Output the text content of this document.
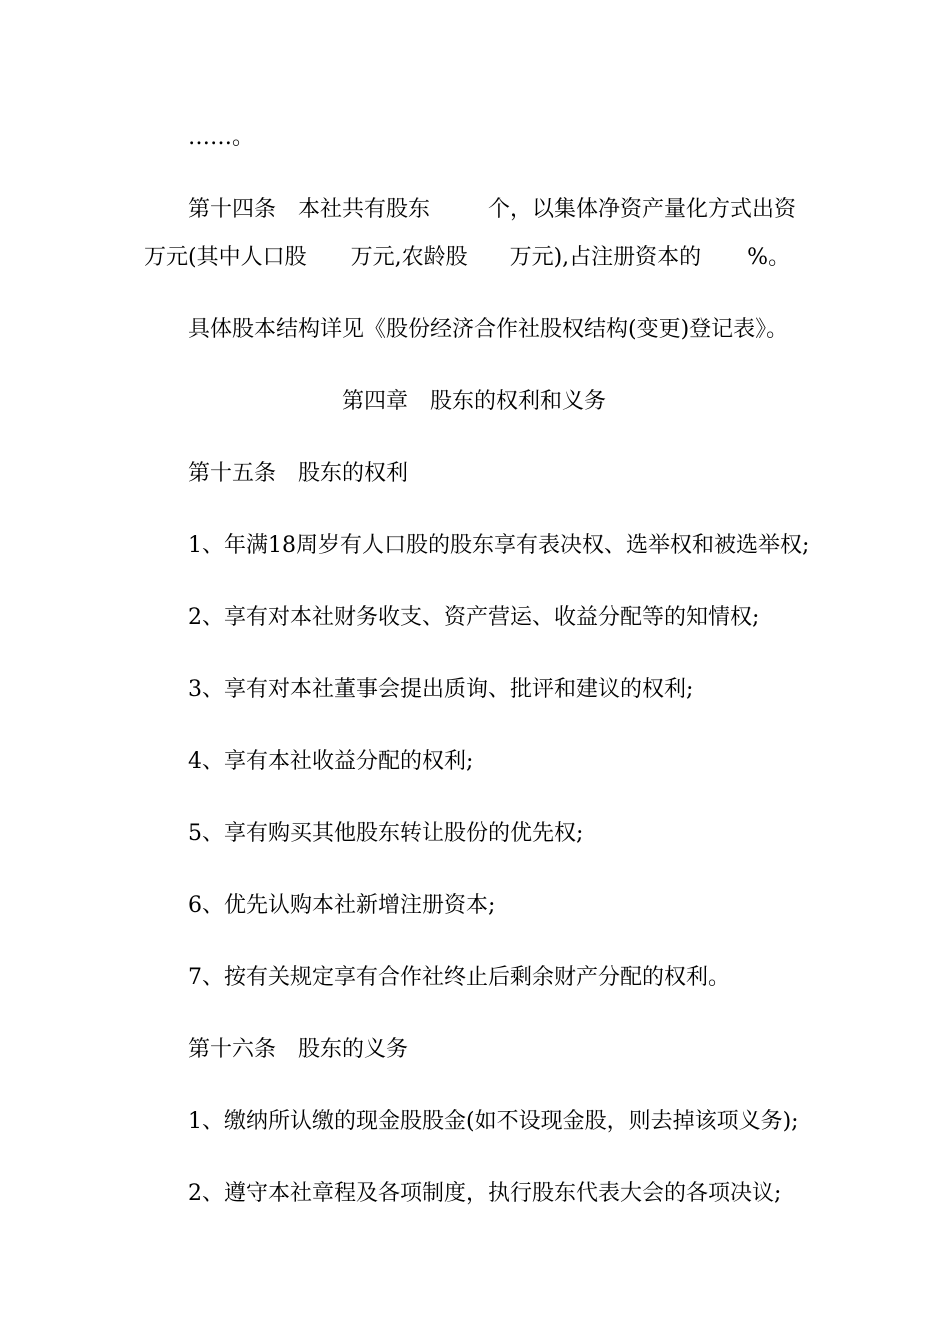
……。
第十四条　本社共有股东	个，以集体净资产量化方式出资
万元(其中人口股 万元,农龄股 万元),占注册资本的 %。
具体股本结构详见《股份经济合作社股权结构(变更)登记表》。
第四章　股东的权利和义务
第十五条　股东的权利
1、年满18周岁有人口股的股东享有表决权、选举权和被选举权;
2、享有对本社财务收支、资产营运、收益分配等的知情权;
3、享有对本社董事会提出质询、批评和建议的权利;
4、享有本社收益分配的权利;
5、享有购买其他股东转让股份的优先权;
6、优先认购本社新增注册资本;
7、按有关规定享有合作社终止后剩余财产分配的权利。
第十六条　股东的义务
1、缴纳所认缴的现金股股金(如不设现金股，则去掉该项义务);
2、遵守本社章程及各项制度，执行股东代表大会的各项决议;
